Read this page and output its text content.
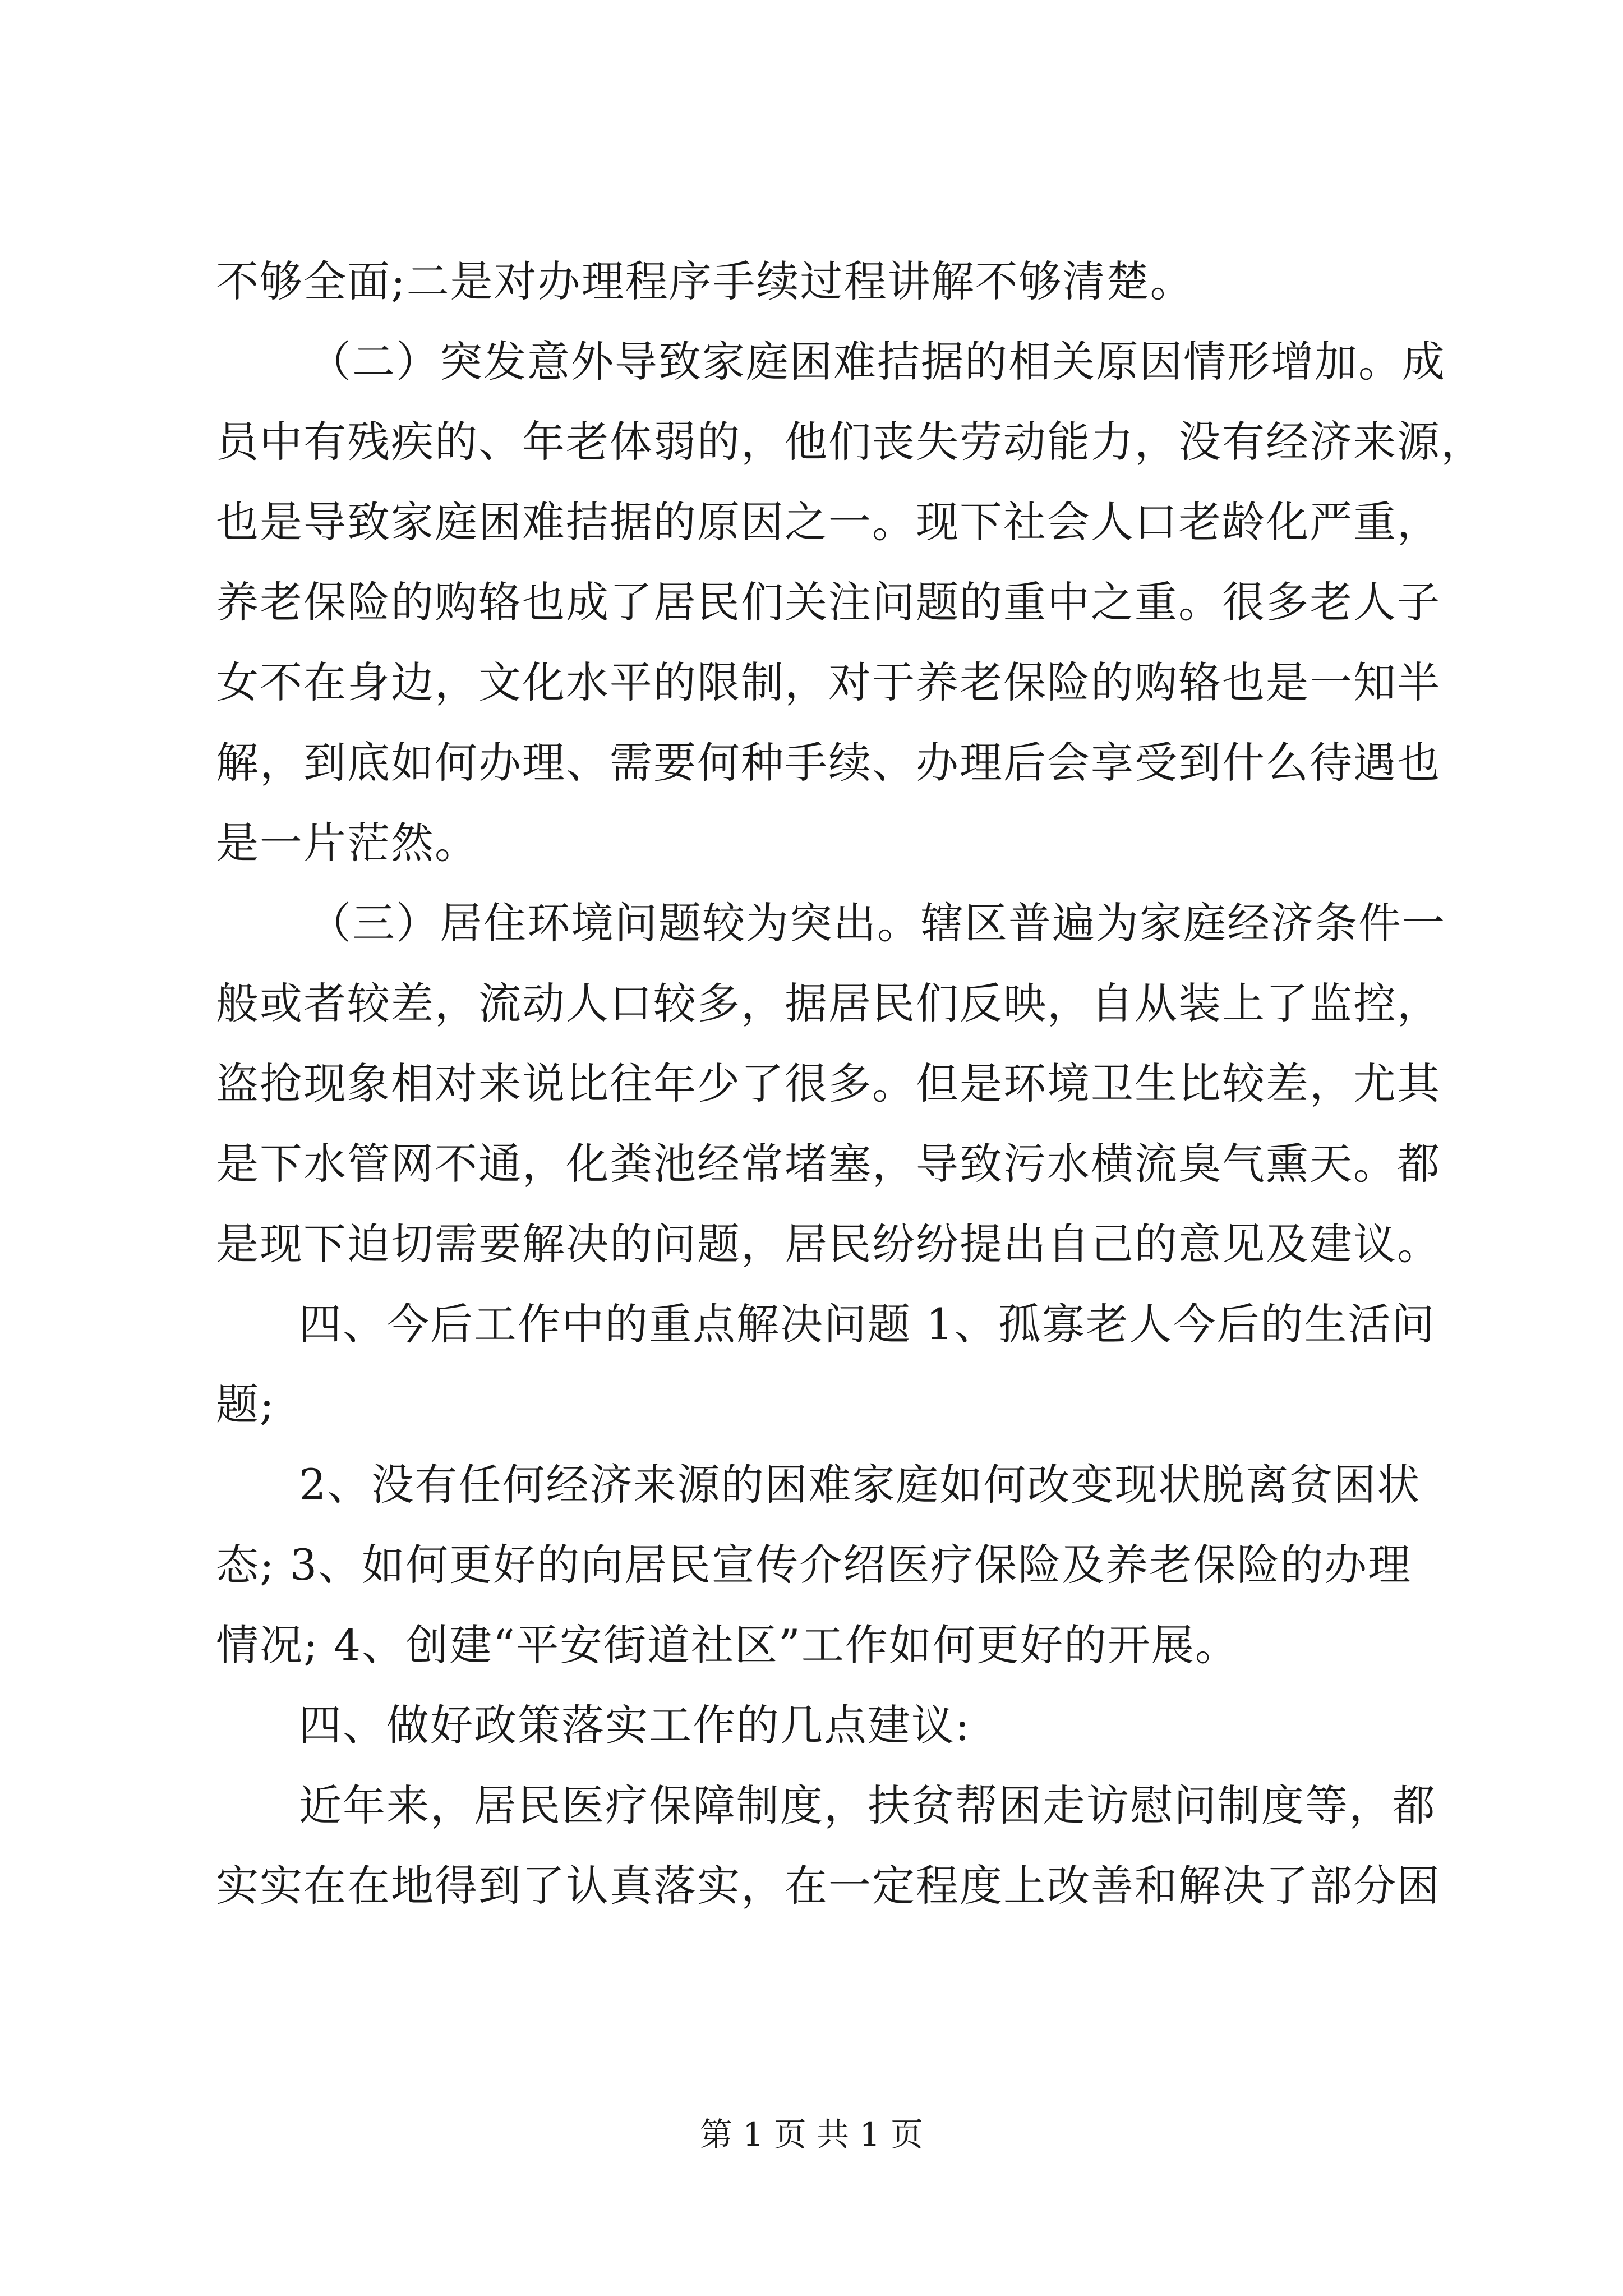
不够全面;二是对办理程序手续过程讲解不够清楚。
（二）突发意外导致家庭困难拮据的相关原因情形增加。成
员中有残疾的、年老体弱的，他们丧失劳动能力，没有经济来源，
也是导致家庭困难拮据的原因之一。现下社会人口老龄化严重，
养老保险的购辂也成了居民们关注问题的重中之重。很多老人子
女不在身边，文化水平的限制，对于养老保险的购辂也是一知半
解，到底如何办理、需要何种手续、办理后会享受到什么待遇也
是一片茫然。
（三）居住环境问题较为突出。辖区普遍为家庭经济条件一
般或者较差，流动人口较多，据居民们反映，自从装上了监控，
盗抢现象相对来说比往年少了很多。但是环境卫生比较差，尤其
是下水管网不通，化粪池经常堵塞，导致污水横流臭气熏天。都
是现下迫切需要解决的问题，居民纷纷提出自己的意见及建议。
四、今后工作中的重点解决问题 1、孤寡老人今后的生活问
题;
2、没有任何经济来源的困难家庭如何改变现状脱离贫困状
态; 3、如何更好的向居民宣传介绍医疗保险及养老保险的办理
情况; 4、创建“平安街道社区”工作如何更好的开展。
四、做好政策落实工作的几点建议:
近年来，居民医疗保障制度，扶贫帮困走访慰问制度等，都
实实在在地得到了认真落实，在一定程度上改善和解决了部分困
第 1 页 共 1 页
